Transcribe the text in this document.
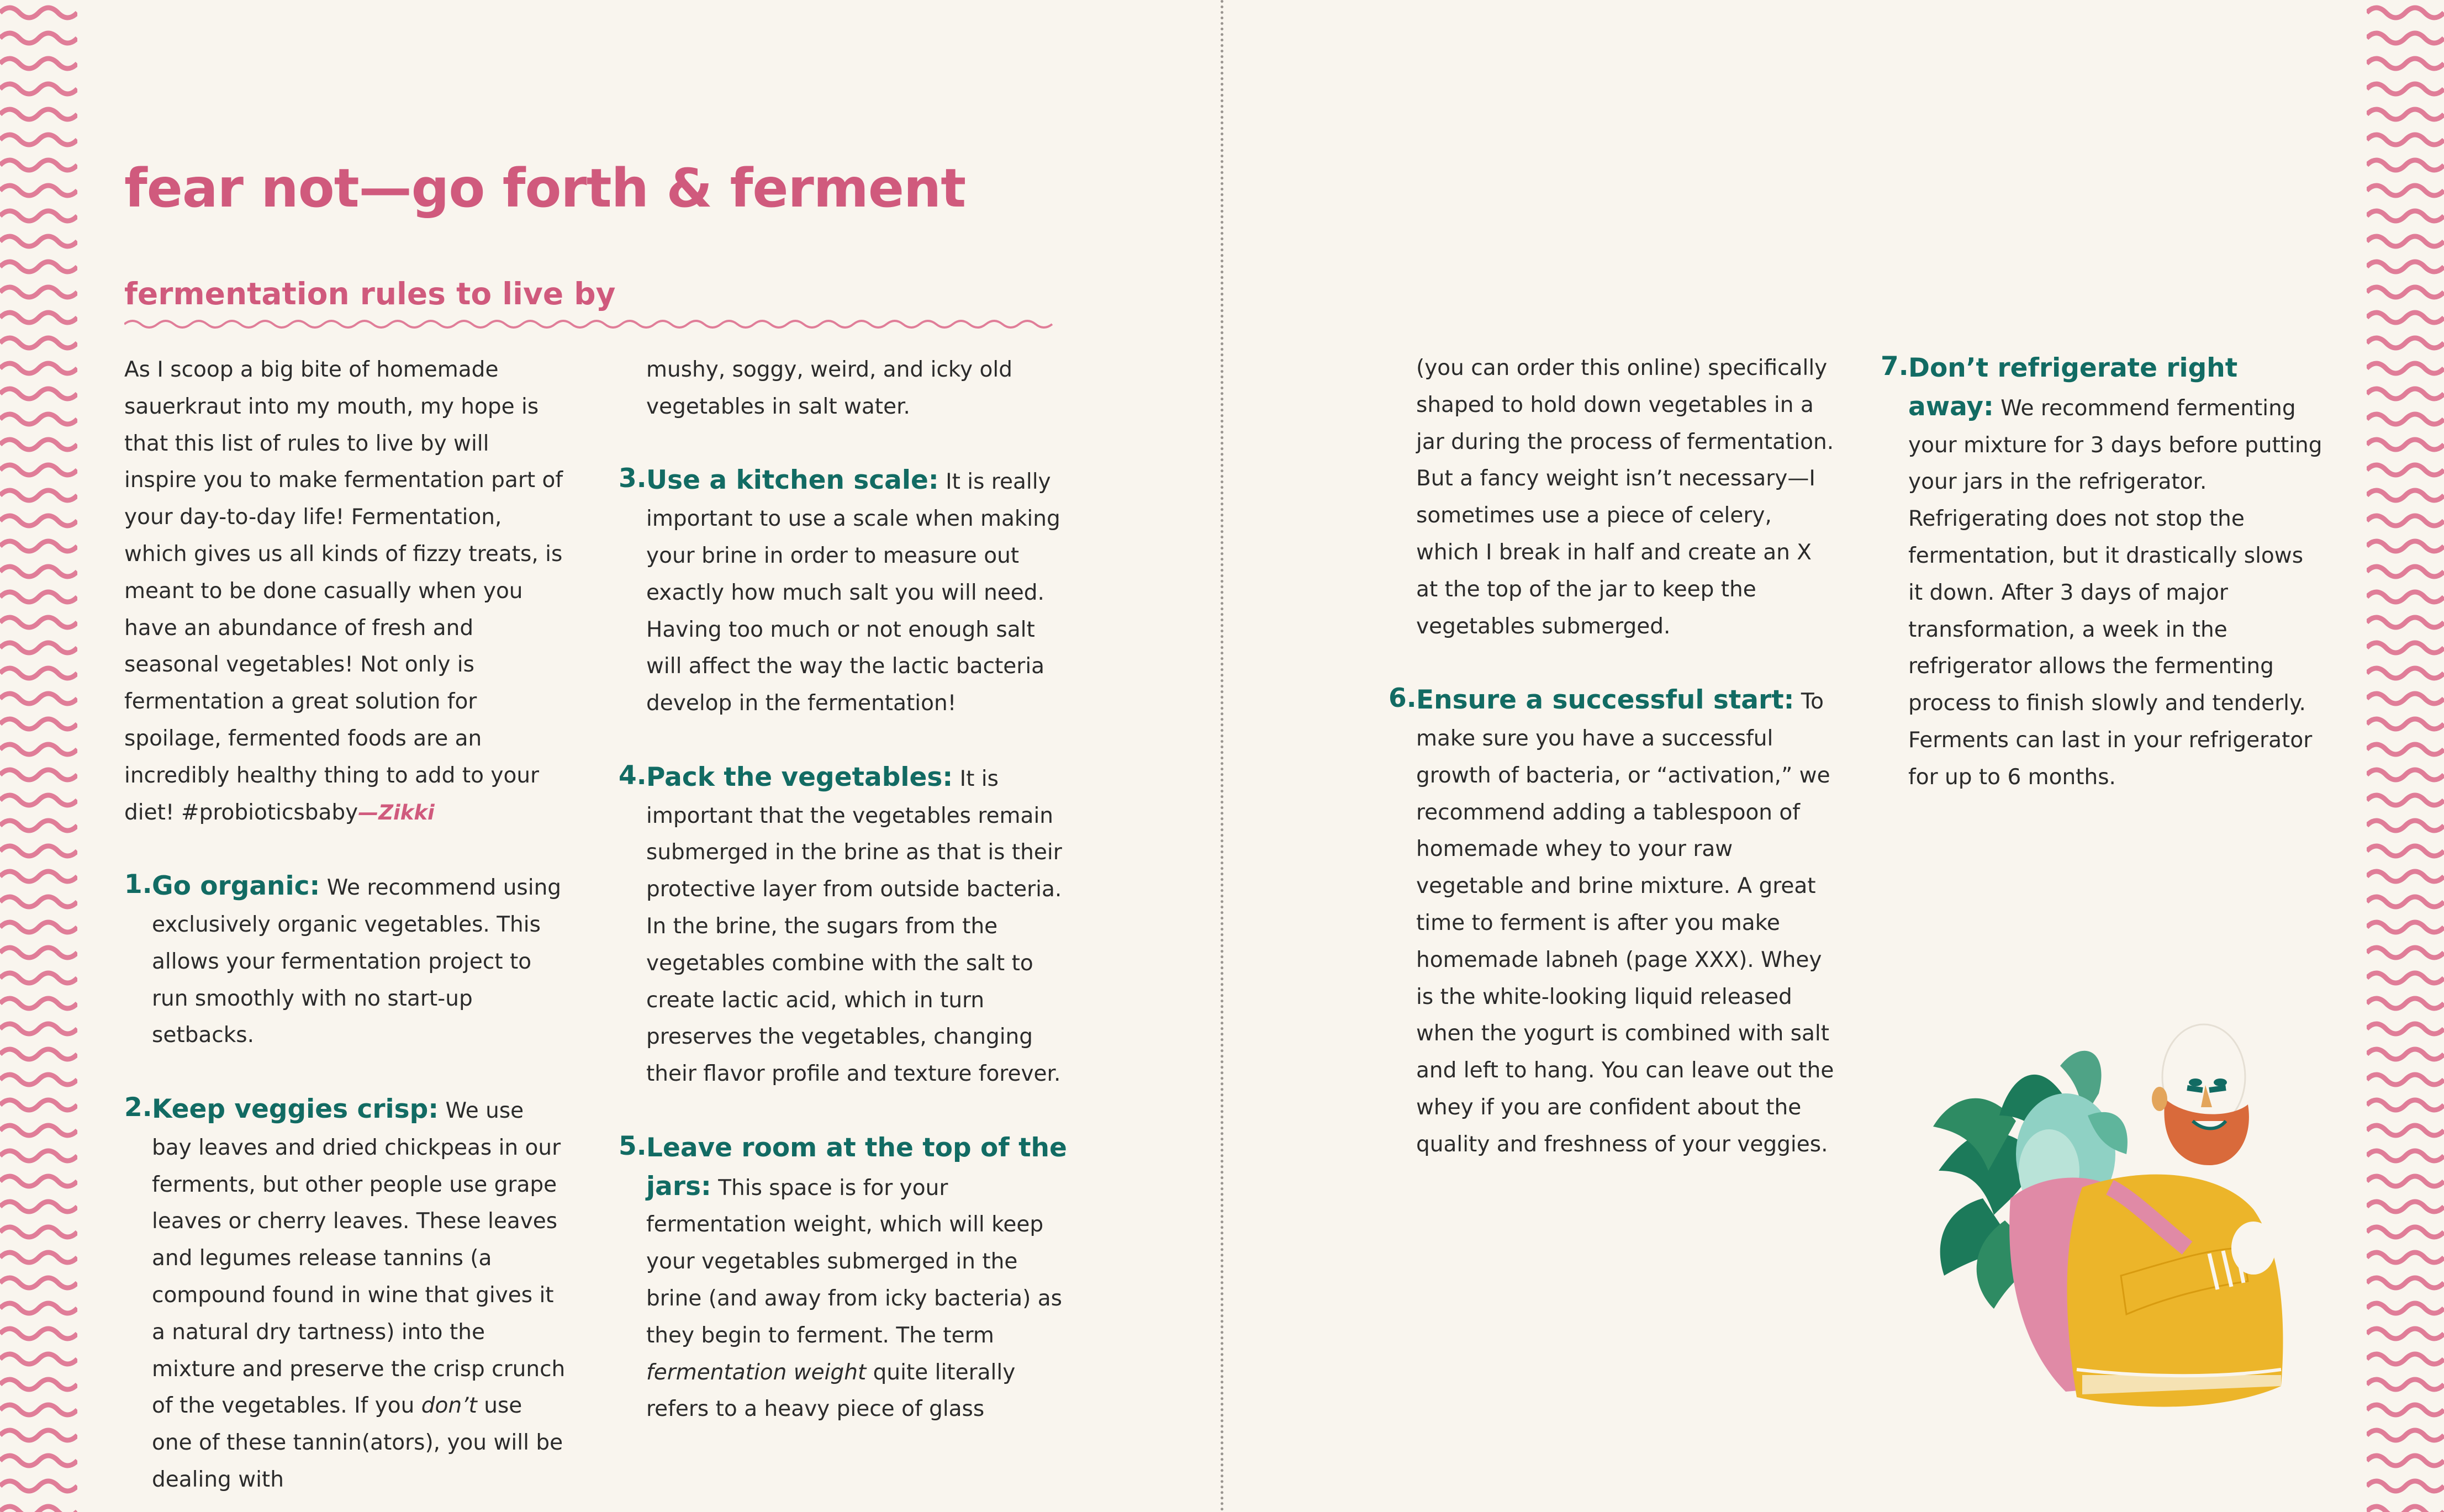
fear not—go forth & ferment
fermentation rules to live by

As I scoop a big bite of homemade sauerkraut into my mouth, my hope is that this list of rules to live by will inspire you to make fermentation part of your day-to-day life! Fermentation, which gives us all kinds of fizzy treats, is meant to be done casually when you have an abundance of fresh and seasonal vegetables! Not only is fermentation a great solution for spoilage, fermented foods are an incredibly healthy thing to add to your diet! #probioticsbaby—Zikki

1. Go organic: We recommend using exclusively organic vegetables. This allows your fermentation project to run smoothly with no start-up setbacks.
2. Keep veggies crisp: We use bay leaves and dried chickpeas in our ferments, but other people use grape leaves or cherry leaves. These leaves and legumes release tannins (a compound found in wine that gives it a natural dry tartness) into the mixture and preserve the crisp crunch of the vegetables. If you don’t use one of these tannin(ators), you will be dealing with

mushy, soggy, weird, and icky old vegetables in salt water.

3. Use a kitchen scale: It is really important to use a scale when making your brine in order to measure out exactly how much salt you will need. Having too much or not enough salt will affect the way the lactic bacteria develop in the fermentation!
4. Pack the vegetables: It is important that the vegetables remain submerged in the brine as that is their protective layer from outside bacteria. In the brine, the sugars from the vegetables combine with the salt to create lactic acid, which in turn preserves the vegetables, changing their flavor profile and texture forever.
5. Leave room at the top of the jars: This space is for your fermentation weight, which will keep your vegetables submerged in the brine (and away from icky bacteria) as they begin to ferment. The term fermentation weight quite literally refers to a heavy piece of glass

(you can order this online) specifically shaped to hold down vegetables in a jar during the process of fermentation. But a fancy weight isn’t necessary—I sometimes use a piece of celery, which I break in half and create an X at the top of the jar to keep the vegetables submerged.

6. Ensure a successful start: To make sure you have a successful growth of bacteria, or “activation,” we recommend adding a tablespoon of homemade whey to your raw vegetable and brine mixture. A great time to ferment is after you make homemade labneh (page XXX). Whey is the white-looking liquid released when the yogurt is combined with salt and left to hang. You can leave out the whey if you are confident about the quality and freshness of your veggies.
7. Don’t refrigerate right away: We recommend fermenting your mixture for 3 days before putting your jars in the refrigerator. Refrigerating does not stop the fermentation, but it drastically slows it down. After 3 days of major transformation, a week in the refrigerator allows the fermenting process to finish slowly and tenderly. Ferments can last in your refrigerator for up to 6 months.
